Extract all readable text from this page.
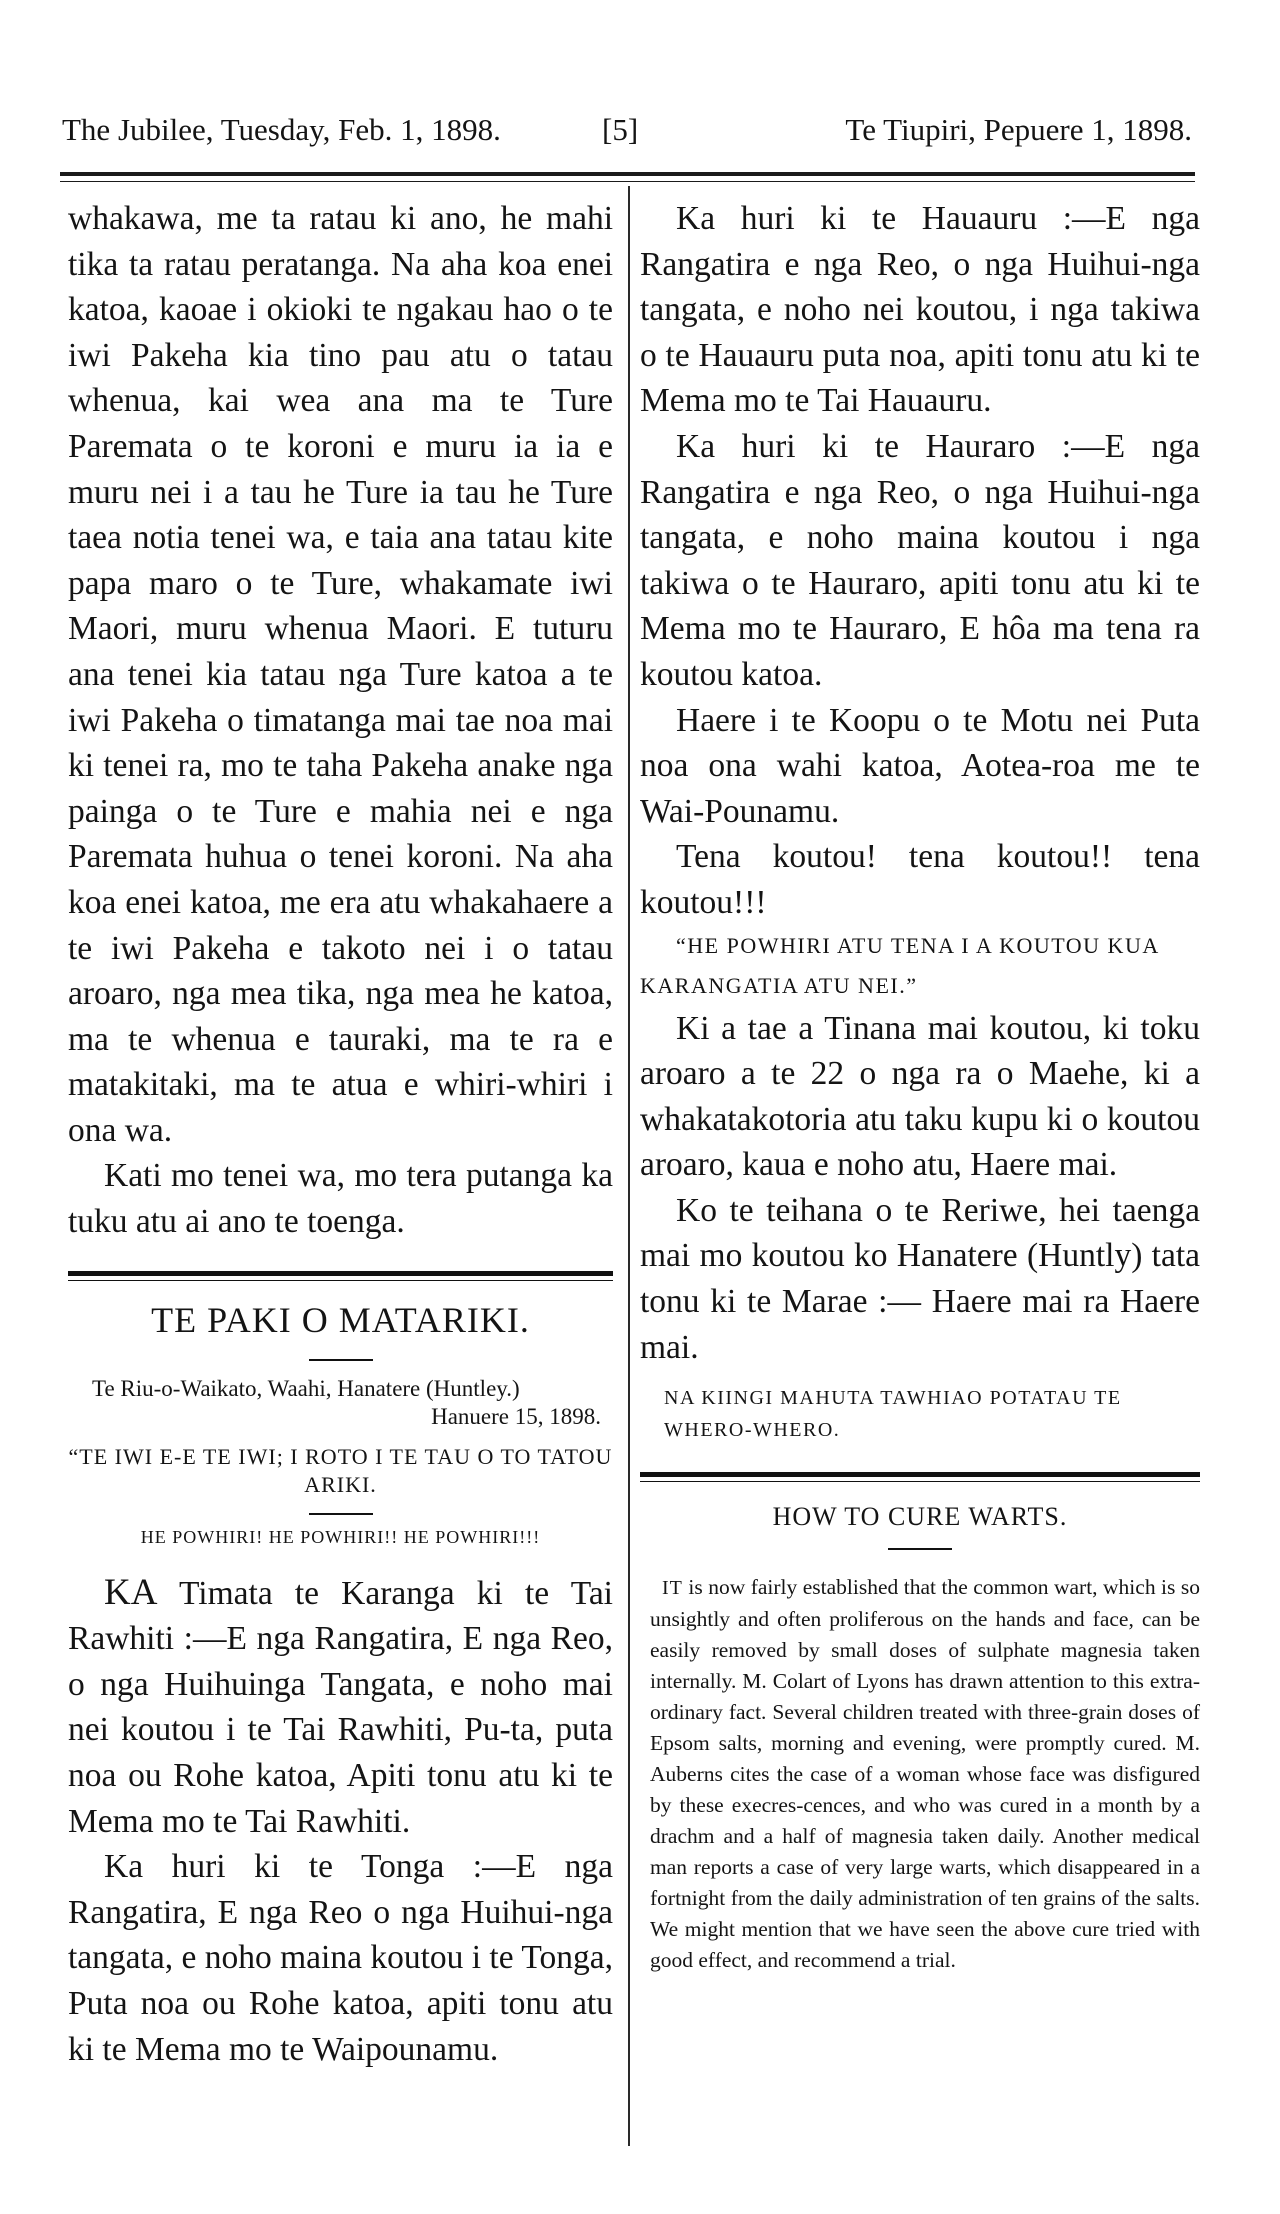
The Jubilee, Tuesday, Feb. 1, 1898.	[5]	Te Tiupiri, Pepuere 1, 1898.

whakawa, me ta ratau ki ano, he mahi tika ta ratau peratanga. Na aha koa enei katoa, kaoae i okioki te ngakau hao o te iwi Pakeha kia tino pau atu o tatau whenua, kai wea ana ma te Ture Paremata o te koroni e muru ia ia e muru nei i a tau he Ture ia tau he Ture taea notia tenei wa, e taia ana tatau kite papa maro o te Ture, whakamate iwi Maori, muru whenua Maori. E tuturu ana tenei kia tatau nga Ture katoa a te iwi Pakeha o timatanga mai tae noa mai ki tenei ra, mo te taha Pakeha anake nga painga o te Ture e mahia nei e nga Paremata huhua o tenei koroni. Na aha koa enei katoa, me era atu whakahaere a te iwi Pakeha e takoto nei i o tatau aroaro, nga mea tika, nga mea he katoa, ma te whenua e tauraki, ma te ra e matakitaki, ma te atua e whiri-whiri i ona wa.

Kati mo tenei wa, mo tera putanga ka tuku atu ai ano te toenga.

TE PAKI O MATARIKI.

Te Riu-o-Waikato, Waahi, Hanatere (Huntley.)

Hanuere 15, 1898.

“TE IWI E-E TE IWI; I ROTO I TE TAU O TO TATOU ARIKI.

HE POWHIRI! HE POWHIRI!! HE POWHIRI!!!

KA Timata te Karanga ki te Tai Rawhiti :—E nga Rangatira, E nga Reo, o nga Huihuinga Tangata, e noho mai nei koutou i te Tai Rawhiti, Pu-ta, puta noa ou Rohe katoa, Apiti tonu atu ki te Mema mo te Tai Rawhiti.

Ka huri ki te Tonga :—E nga Rangatira, E nga Reo o nga Huihui-nga tangata, e noho maina koutou i te Tonga, Puta noa ou Rohe katoa, apiti tonu atu ki te Mema mo te Waipounamu.

Ka huri ki te Hauauru :—E nga Rangatira e nga Reo, o nga Huihui-nga tangata, e noho nei koutou, i nga takiwa o te Hauauru puta noa, apiti tonu atu ki te Mema mo te Tai Hauauru.

Ka huri ki te Hauraro :—E nga Rangatira e nga Reo, o nga Huihui-nga tangata, e noho maina koutou i nga takiwa o te Hauraro, apiti tonu atu ki te Mema mo te Hauraro, E hôa ma tena ra koutou katoa.

Haere i te Koopu o te Motu nei Puta noa ona wahi katoa, Aotea-roa me te Wai-Pounamu.

Tena koutou! tena koutou!! tena koutou!!!

“HE POWHIRI ATU TENA I A KOUTOU KUA KARANGATIA ATU NEI.”

Ki a tae a Tinana mai koutou, ki toku aroaro a te 22 o nga ra o Maehe, ki a whakatakotoria atu taku kupu ki o koutou aroaro, kaua e noho atu, Haere mai.

Ko te teihana o te Reriwe, hei taenga mai mo koutou ko Hanatere (Huntly) tata tonu ki te Marae :— Haere mai ra Haere mai.

NA KIINGI MAHUTA TAWHIAO POTATAU TE WHERO-WHERO.

HOW TO CURE WARTS.

IT is now fairly established that the common wart, which is so unsightly and often proliferous on the hands and face, can be easily removed by small doses of sulphate magnesia taken internally. M. Colart of Lyons has drawn attention to this extra-ordinary fact. Several children treated with three-grain doses of Epsom salts, morning and evening, were promptly cured. M. Auberns cites the case of a woman whose face was disfigured by these execres-cences, and who was cured in a month by a drachm and a half of magnesia taken daily. Another medical man reports a case of very large warts, which disappeared in a fortnight from the daily administration of ten grains of the salts. We might mention that we have seen the above cure tried with good effect, and recommend a trial.
